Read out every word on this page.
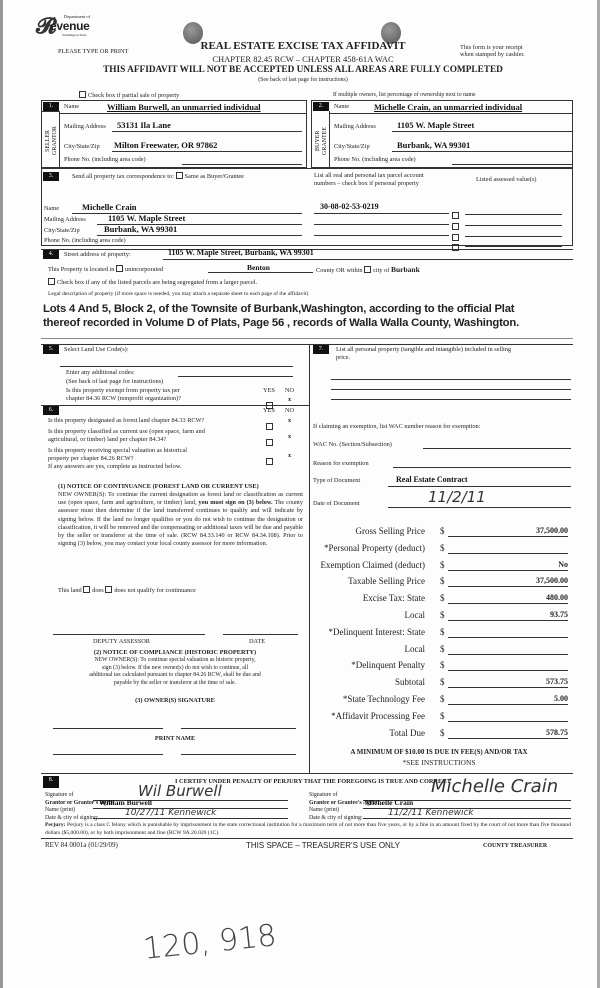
𝓡 Department of
evenue
Washington State
PLEASE TYPE OR PRINT	REAL ESTATE EXCISE TAX AFFIDAVIT
CHAPTER 82.45 RCW – CHAPTER 458-61A WAC
This form is your receipt
when stamped by cashier.
THIS AFFIDAVIT WILL NOT BE ACCEPTED UNLESS ALL AREAS ARE FULLY COMPLETED
(See back of last page for instructions)
Check box if partial sale of property	If multiple owners, list percentage of ownership next to name
1.
SELLER GRANTOR
Name	William Burwell, an unmarried individual
Mailing Address 53131 Ila Lane
City/State/Zip Milton Freewater, OR 97862
Phone No. (including area code)
2.
BUYER GRANTEE
Name	Michelle Crain, an unmarried individual
Mailing Address 1105 W. Maple Street
City/State/Zip	Burbank, WA 99301
Phone No. (including area code)
3.	Send all property tax correspondence to: Same as Buyer/Grantee	List all real and personal tax parcel account
numbers – check box if personal property
Listed assessed value(s)
Name	Michelle Crain
Mailing Address	1105 W. Maple Street
City/State/Zip	Burbank, WA 99301
Phone No. (including area code)
30-08-02-53-0219
4.	Street address of property:	1105 W. Maple Street, Burbank, WA 99301
This Property is located in unincorporated	Benton	County OR within city of Burbank
Check box if any of the listed parcels are being segregated from a larger parcel.
Legal description of property (if more space is needed, you may attach a separate sheet to each page of the affidavit)
Lots 4 And 5, Block 2, of the Townsite of Burbank,Washington, according to the official Plat
thereof recorded in Volume D of Plats, Page 56 , records of Walla Walla County, Washington.
5.	Select Land Use Code(s):
Enter any additional codes:
(See back of last page for instructions)
Is this property exempt from property tax per
chapter 84.36 RCW (nonprofit organization)?
YES NO
x
6.	YES NO
Is this property designated as forest land chapter 84.33 RCW?	x
Is this property classified as current use (open space, farm and
agricultural, or timber) land per chapter 84.34?	x
Is this property receiving special valuation as historical
property per chapter 84.26 RCW?
If any answers are yes, complete as instructed below.
x
(1) NOTICE OF CONTINUANCE (FOREST LAND OR CURRENT USE)
NEW OWNER(S): To continue the current designation as forest land or classification as current use (open space, farm and agriculture, or timber) land, you must sign on (3) below. The county assessor must then determine if the land transferred continues to qualify and will indicate by signing below. If the land no longer qualifies or you do not wish to continue the designation or classification, it will be removed and the compensating or additional taxes will be due and payable by the seller or transferor at the time of sale. (RCW 84.33.140 or RCW 84.34.108). Prior to signing (3) below, you may contact your local county assessor for more information.
This land does does not qualify for continuance
DEPUTY ASSESSOR	DATE
(2) NOTICE OF COMPLIANCE (HISTORIC PROPERTY)
NEW OWNER(S): To continue special valuation as historic property,
sign (3) below. If the new owner(s) do not wish to continue, all
additional tax calculated pursuant to chapter 84.26 RCW, shall be due and
payable by the seller or transferor at the time of sale.
(3) OWNER(S) SIGNATURE
PRINT NAME
7.	List all personal property (tangible and intangible) included in selling
price.
If claiming an exemption, list WAC number reason for exemption:
WAC No. (Section/Subsection)
Reason for exemption
Type of Document	Real Estate Contract
Date of Document	11/2/11
Gross Selling Price $	37,500.00
*Personal Property (deduct) $
Exemption Claimed (deduct) $	No
Taxable Selling Price $	37,500.00
Excise Tax: State $	480.00
Local $	93.75
*Delinquent Interest: State $
Local $
*Delinquent Penalty $
Subtotal $	573.75
*State Technology Fee $	5.00
*Affidavit Processing Fee $
Total Due $	578.75
A MINIMUM OF $10.00 IS DUE IN FEE(S) AND/OR TAX
*SEE INSTRUCTIONS
8.	I CERTIFY UNDER PENALTY OF PERJURY THAT THE FOREGOING IS TRUE AND CORRECT
Signature of
Grantor or Grantor's Agent
Name (print)
Date & city of signing:
Wil Burwell
William Burwell
10/27/11 Kennewick
Signature of
Grantee or Grantee's Agent
Name (print)
Date & city of signing:
Michelle Crain
Michelle Crain
11/2/11 Kennewick
Perjury: Perjury is a class C felony which is punishable by imprisonment in the state correctional institution for a maximum term of not more than five years, or by a fine in an amount fixed by the court of not more than five thousand dollars ($5,000.00), or by both imprisonment and fine (RCW 9A.20.020 (1C).
REV 84 0001a (01/29/09)	THIS SPACE – TREASURER'S USE ONLY	COUNTY TREASURER
120, 918
